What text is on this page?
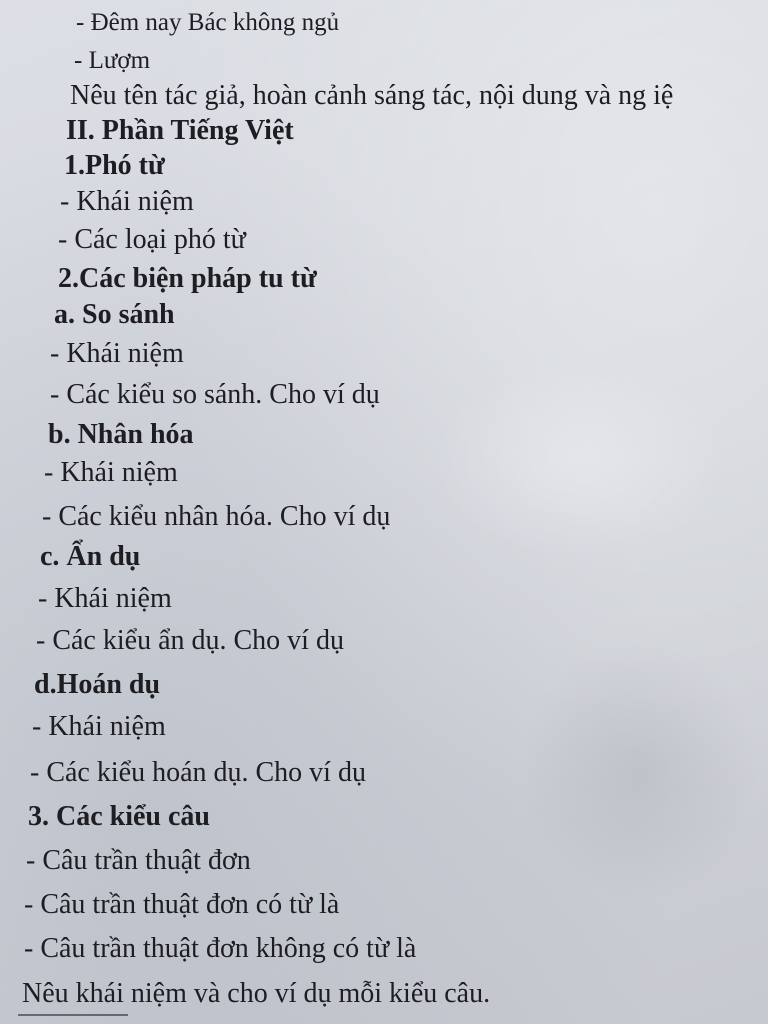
- Đêm nay Bác không ngủ
- Lượm
Nêu tên tác giả, hoàn cảnh sáng tác, nội dung và ng iệ
II. Phần Tiếng Việt
1.Phó từ
- Khái niệm
- Các loại phó từ
2.Các biện pháp tu từ
a. So sánh
- Khái niệm
- Các kiểu so sánh. Cho ví dụ
b. Nhân hóa
- Khái niệm
- Các kiểu nhân hóa. Cho ví dụ
c. Ẩn dụ
- Khái niệm
- Các kiểu ẩn dụ. Cho ví dụ
d.Hoán dụ
- Khái niệm
- Các kiểu hoán dụ. Cho ví dụ
3. Các kiểu câu
- Câu trần thuật đơn
- Câu trần thuật đơn có từ là
- Câu trần thuật đơn không có từ là
Nêu khái niệm và cho ví dụ mỗi kiểu câu.
